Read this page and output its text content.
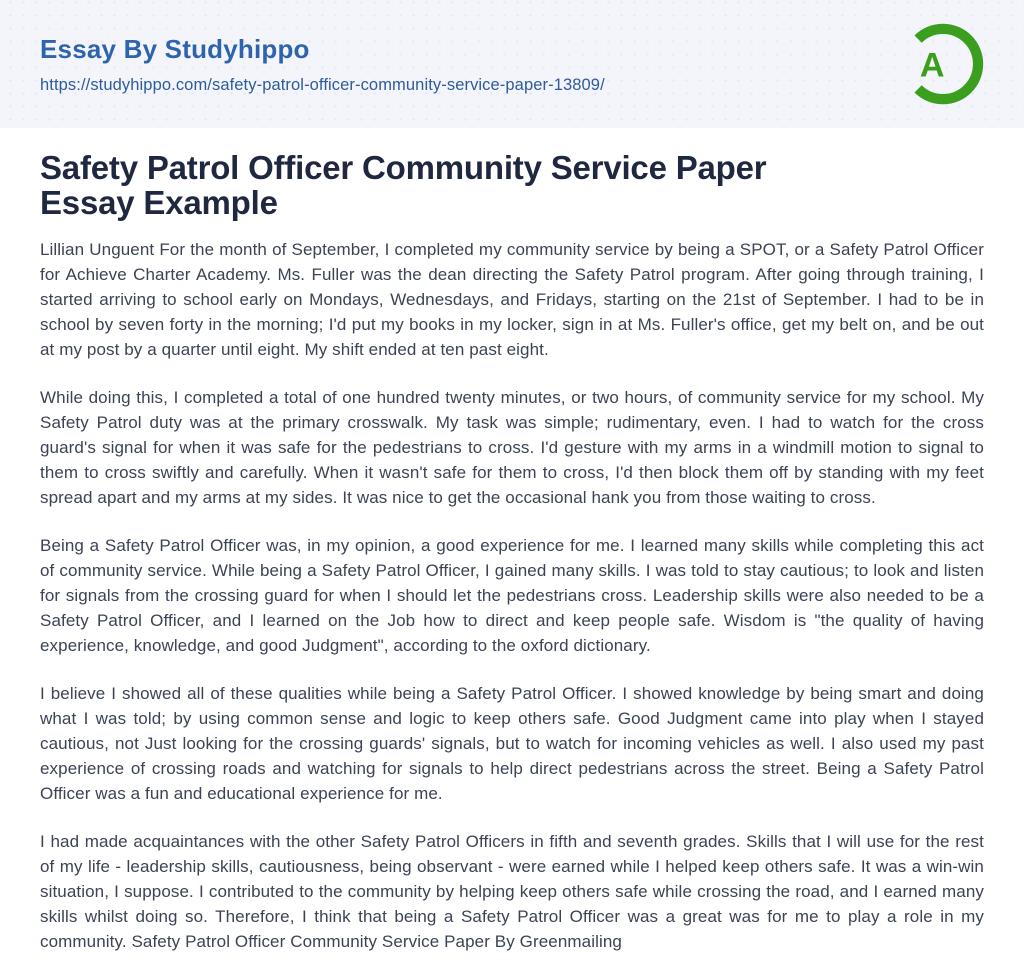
Essay By Studyhippo
https://studyhippo.com/safety-patrol-officer-community-service-paper-13809/	A
Safety Patrol Officer Community Service Paper
Essay Example

Lillian Unguent For the month of September, I completed my community service by being a SPOT, or a Safety Patrol Officer for Achieve Charter Academy. Ms. Fuller was the dean directing the Safety Patrol program. After going through training, I started arriving to school early on Mondays, Wednesdays, and Fridays, starting on the 21st of September. I had to be in school by seven forty in the morning; I'd put my books in my locker, sign in at Ms. Fuller's office, get my belt on, and be out at my post by a quarter until eight. My shift ended at ten past eight.

While doing this, I completed a total of one hundred twenty minutes, or two hours, of community service for my school. My Safety Patrol duty was at the primary crosswalk. My task was simple; rudimentary, even. I had to watch for the cross guard's signal for when it was safe for the pedestrians to cross. I'd gesture with my arms in a windmill motion to signal to them to cross swiftly and carefully. When it wasn't safe for them to cross, I'd then block them off by standing with my feet spread apart and my arms at my sides. It was nice to get the occasional hank you from those waiting to cross.

Being a Safety Patrol Officer was, in my opinion, a good experience for me. I learned many skills while completing this act of community service. While being a Safety Patrol Officer, I gained many skills. I was told to stay cautious; to look and listen for signals from the crossing guard for when I should let the pedestrians cross. Leadership skills were also needed to be a Safety Patrol Officer, and I learned on the Job how to direct and keep people safe. Wisdom is "the quality of having experience, knowledge, and good Judgment", according to the oxford dictionary.

I believe I showed all of these qualities while being a Safety Patrol Officer. I showed knowledge by being smart and doing what I was told; by using common sense and logic to keep others safe. Good Judgment came into play when I stayed cautious, not Just looking for the crossing guards' signals, but to watch for incoming vehicles as well. I also used my past experience of crossing roads and watching for signals to help direct pedestrians across the street. Being a Safety Patrol Officer was a fun and educational experience for me.

I had made acquaintances with the other Safety Patrol Officers in fifth and seventh grades. Skills that I will use for the rest of my life - leadership skills, cautiousness, being observant - were earned while I helped keep others safe. It was a win-win situation, I suppose. I contributed to the community by helping keep others safe while crossing the road, and I earned many skills whilst doing so. Therefore, I think that being a Safety Patrol Officer was a great was for me to play a role in my community. Safety Patrol Officer Community Service Paper By Greenmailing
